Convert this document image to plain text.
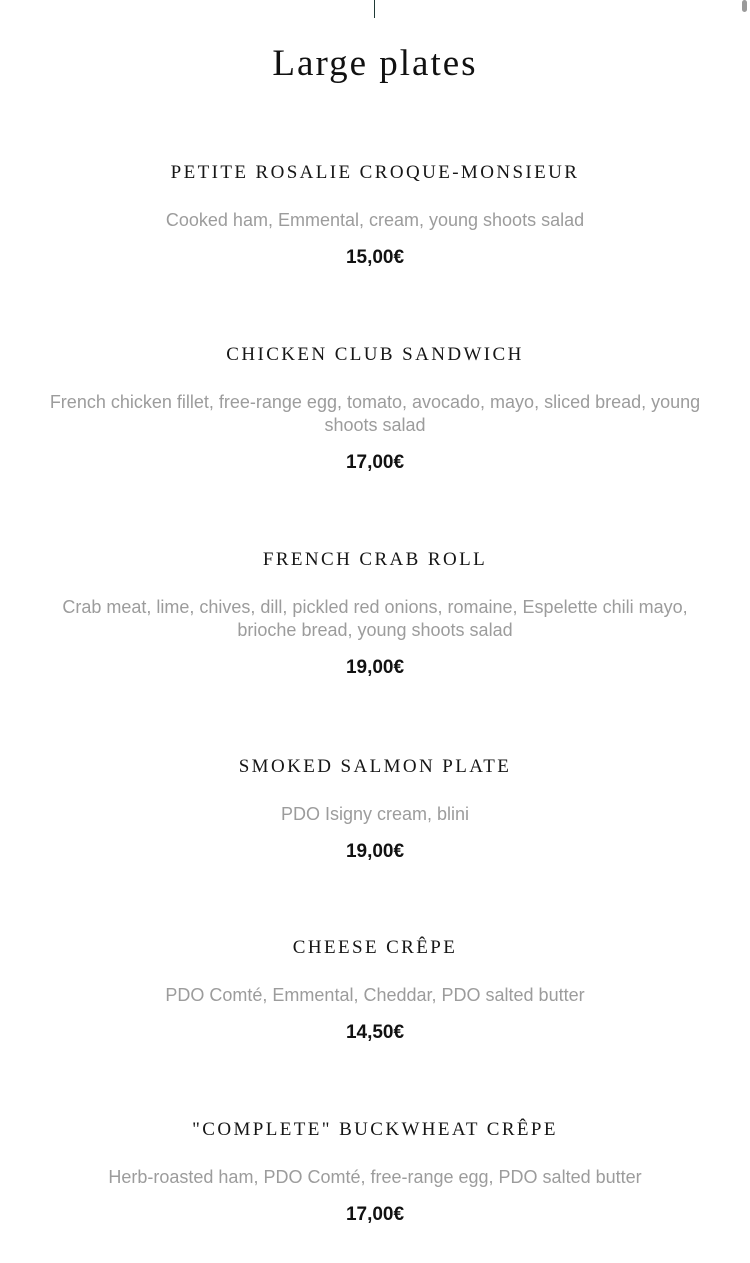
Large plates
PETITE ROSALIE CROQUE-MONSIEUR
Cooked ham, Emmental, cream, young shoots salad
15,00€
CHICKEN CLUB SANDWICH
French chicken fillet, free-range egg, tomato, avocado, mayo, sliced bread, young shoots salad
17,00€
FRENCH CRAB ROLL
Crab meat, lime, chives, dill, pickled red onions, romaine, Espelette chili mayo, brioche bread, young shoots salad
19,00€
SMOKED SALMON PLATE
PDO Isigny cream, blini
19,00€
CHEESE CRÊPE
PDO Comté, Emmental, Cheddar, PDO salted butter
14,50€
"COMPLETE" BUCKWHEAT CRÊPE
Herb-roasted ham, PDO Comté, free-range egg, PDO salted butter
17,00€
